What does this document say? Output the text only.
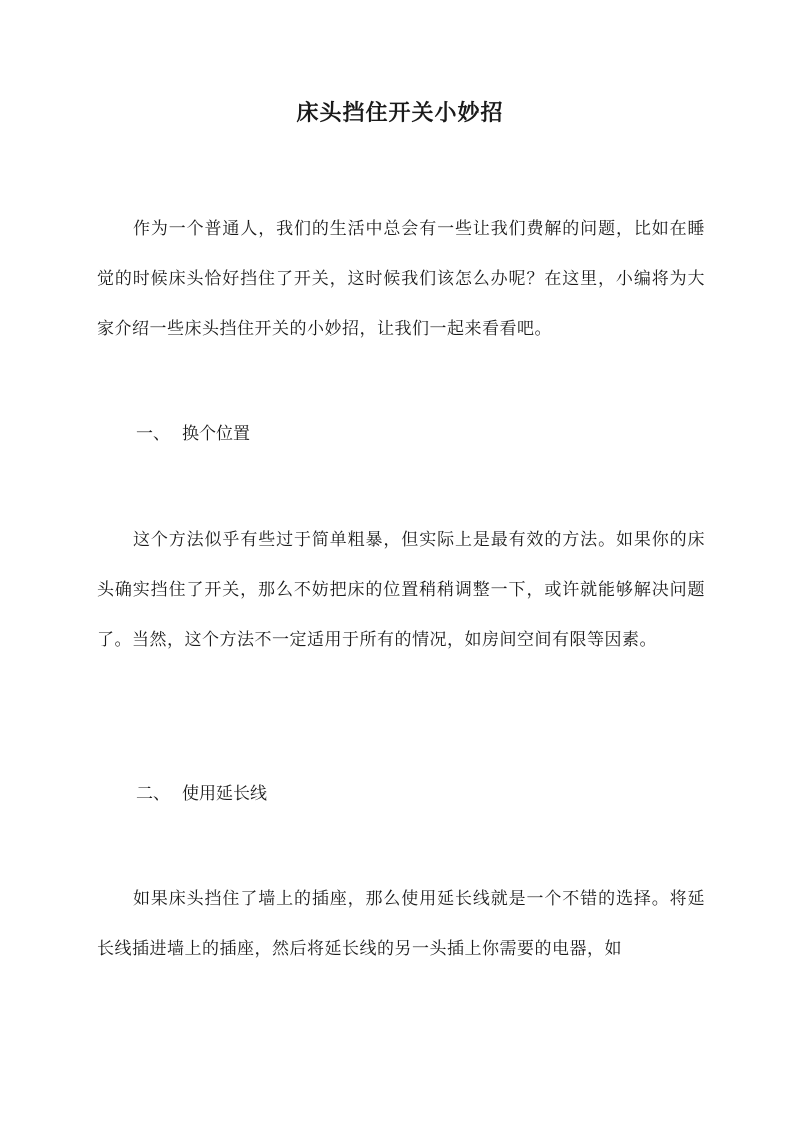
床头挡住开关小妙招

作为一个普通人，我们的生活中总会有一些让我们费解的问题，比如在睡觉的时候床头恰好挡住了开关，这时候我们该怎么办呢？在这里，小编将为大家介绍一些床头挡住开关的小妙招，让我们一起来看看吧。

一、 换个位置

这个方法似乎有些过于简单粗暴，但实际上是最有效的方法。如果你的床头确实挡住了开关，那么不妨把床的位置稍稍调整一下，或许就能够解决问题了。当然，这个方法不一定适用于所有的情况，如房间空间有限等因素。

二、 使用延长线

如果床头挡住了墙上的插座，那么使用延长线就是一个不错的选择。将延长线插进墙上的插座，然后将延长线的另一头插上你需要的电器，如
